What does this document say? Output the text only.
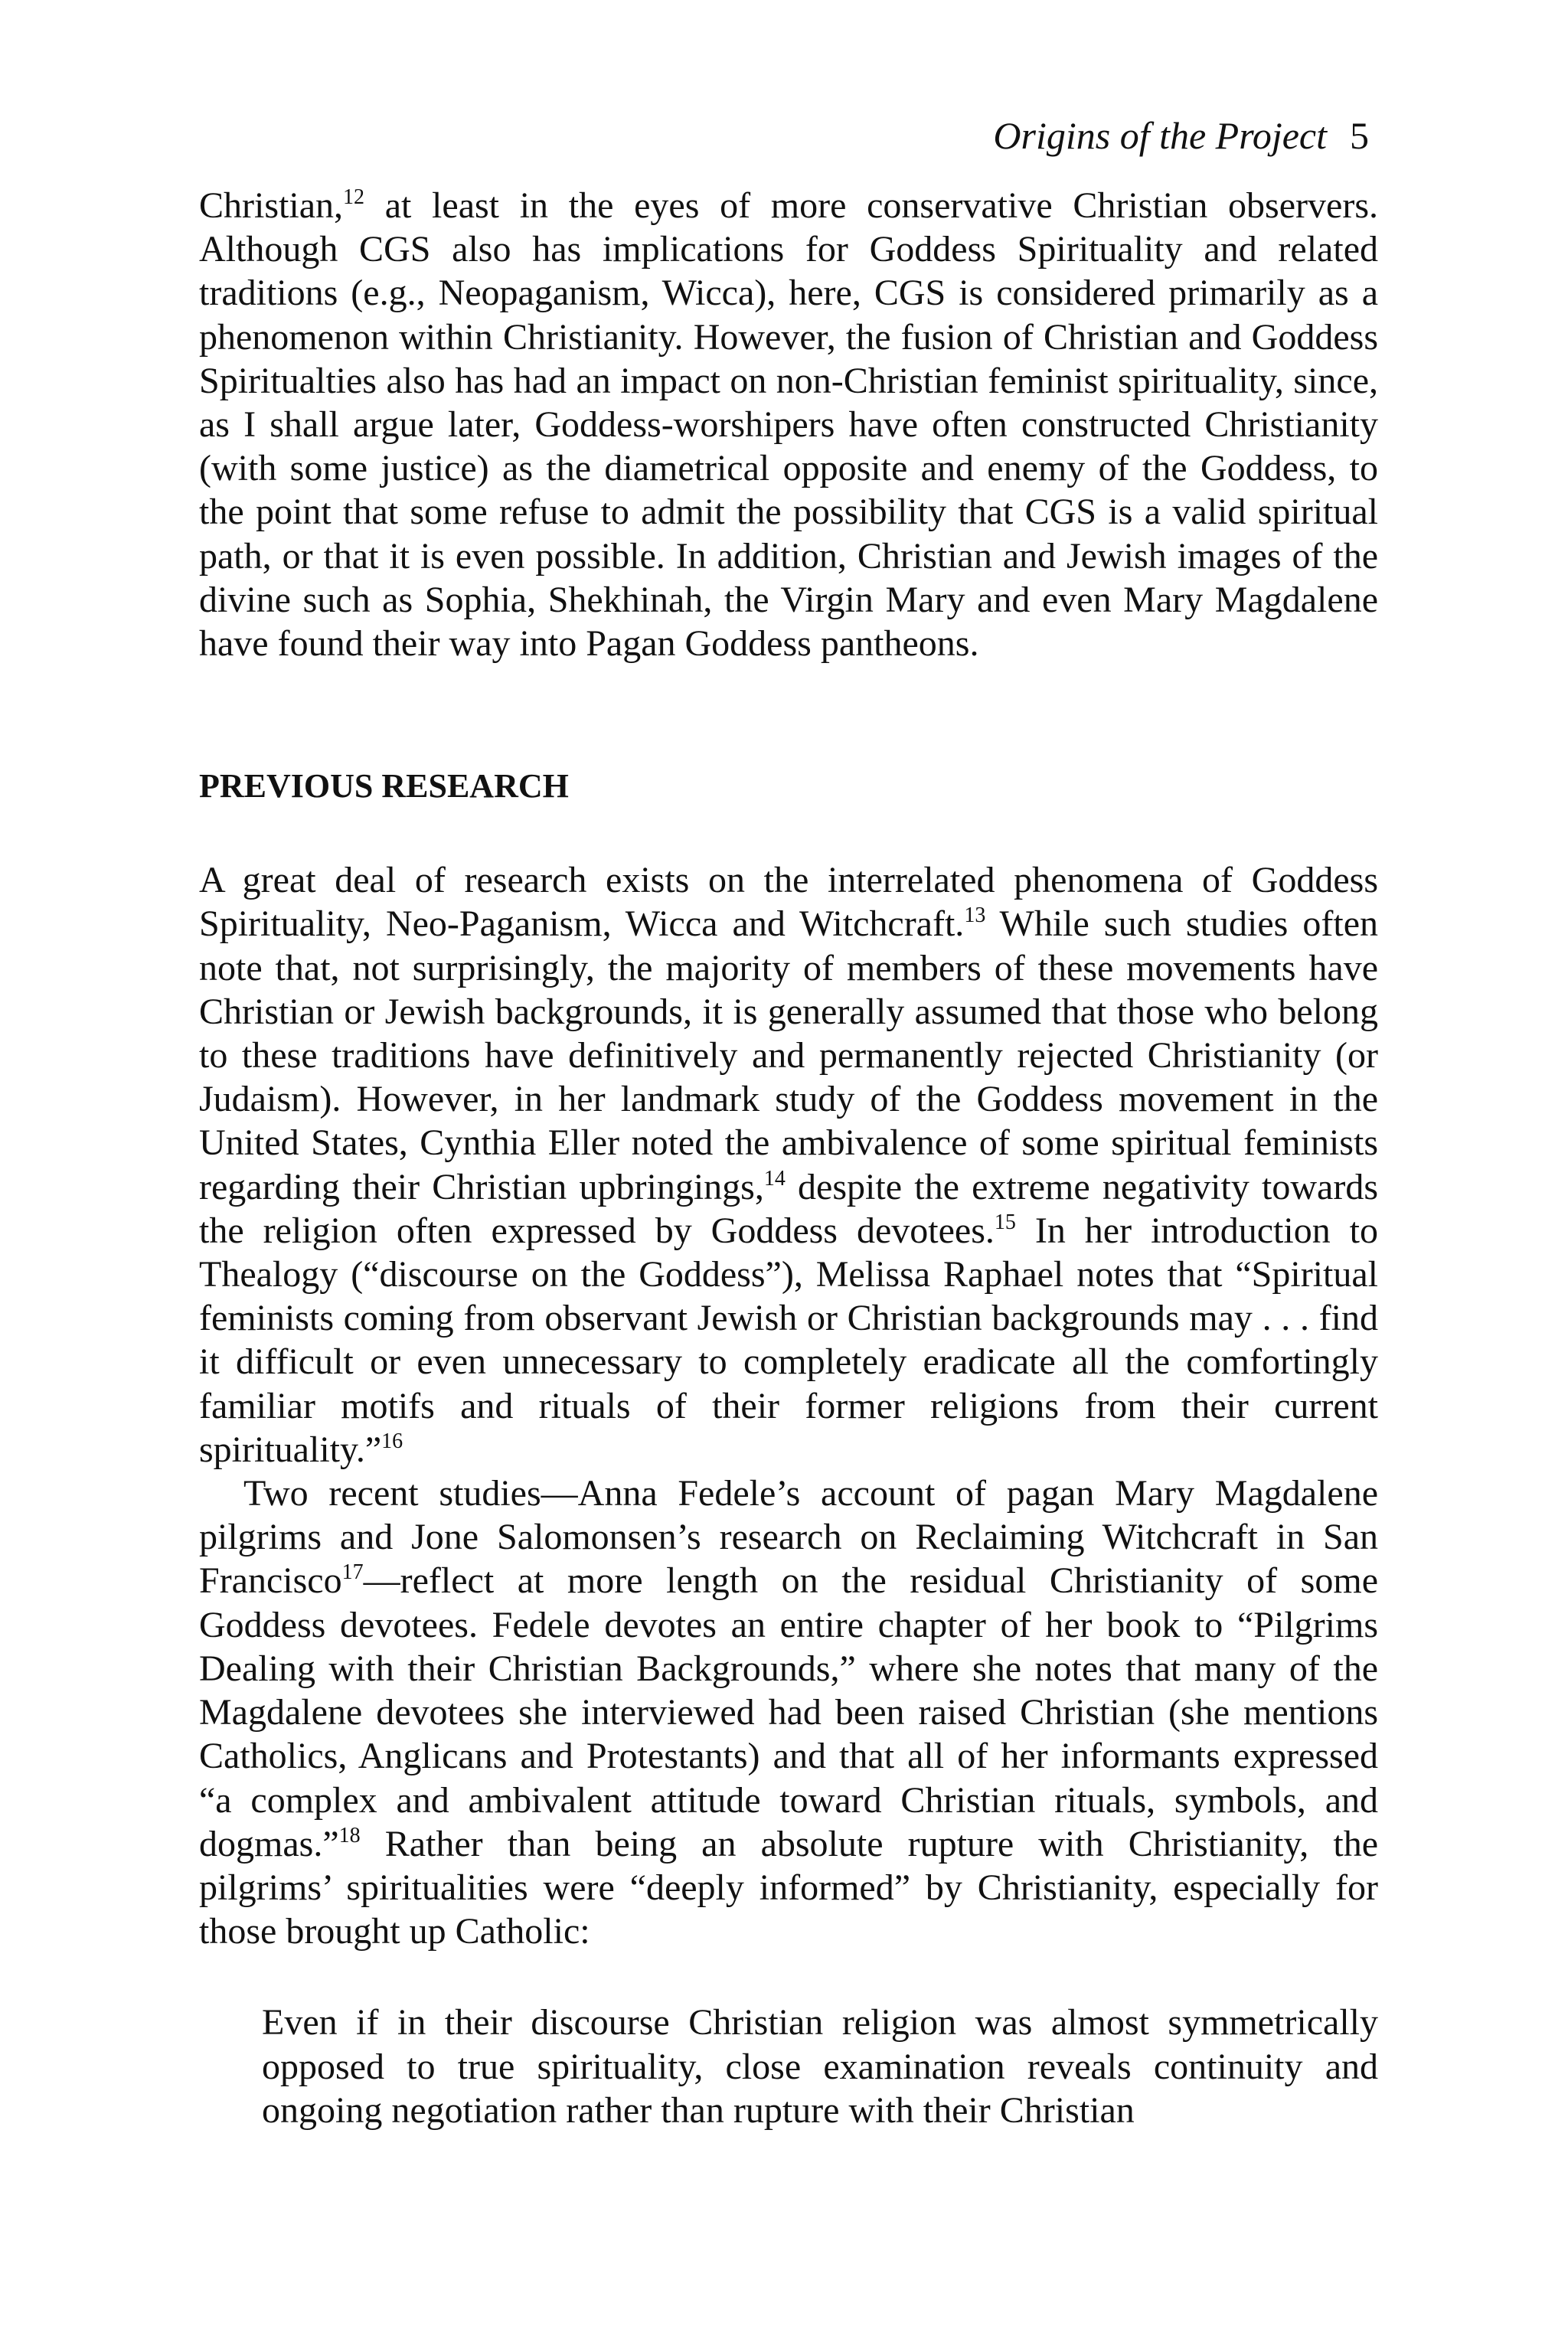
Origins of the Project 5

Christian,$^{12}$ at least in the eyes of more conservative Christian observers. Although CGS also has implications for Goddess Spirituality and related traditions (e.g., Neopaganism, Wicca), here, CGS is considered primarily as a phenomenon within Christianity. However, the fusion of Christian and Goddess Spiritualties also has had an impact on non-Christian feminist spirituality, since, as I shall argue later, Goddess-worshipers have often constructed Christianity (with some justice) as the diametrical opposite and enemy of the Goddess, to the point that some refuse to admit the possibility that CGS is a valid spiritual path, or that it is even possible. In addition, Christian and Jewish images of the divine such as Sophia, Shekhinah, the Virgin Mary and even Mary Magdalene have found their way into Pagan Goddess pantheons.

PREVIOUS RESEARCH

A great deal of research exists on the interrelated phenomena of Goddess Spirituality, Neo-Paganism, Wicca and Witchcraft.$^{13}$ While such studies often note that, not surprisingly, the majority of members of these movements have Christian or Jewish backgrounds, it is generally assumed that those who belong to these traditions have definitively and permanently rejected Christianity (or Judaism). However, in her landmark study of the Goddess movement in the United States, Cynthia Eller noted the ambivalence of some spiritual feminists regarding their Christian upbringings,$^{14}$ despite the extreme negativity towards the religion often expressed by Goddess devotees.$^{15}$ In her introduction to Thealogy (“discourse on the Goddess”), Melissa Raphael notes that “Spiritual feminists coming from observant Jewish or Christian backgrounds may . . . find it difficult or even unnecessary to completely eradicate all the comfortingly familiar motifs and rituals of their former religions from their current spirituality.”$^{16}$

Two recent studies—Anna Fedele’s account of pagan Mary Magdalene pilgrims and Jone Salomonsen’s research on Reclaiming Witchcraft in San Francisco$^{17}$—reflect at more length on the residual Christianity of some Goddess devotees. Fedele devotes an entire chapter of her book to “Pilgrims Dealing with their Christian Backgrounds,” where she notes that many of the Magdalene devotees she interviewed had been raised Christian (she mentions Catholics, Anglicans and Protestants) and that all of her informants expressed “a complex and ambivalent attitude toward Christian rituals, symbols, and dogmas.”$^{18}$ Rather than being an absolute rupture with Christianity, the pilgrims’ spiritualities were “deeply informed” by Christianity, especially for those brought up Catholic:

Even if in their discourse Christian religion was almost symmetrically opposed to true spirituality, close examination reveals continuity and ongoing negotiation rather than rupture with their Christian
